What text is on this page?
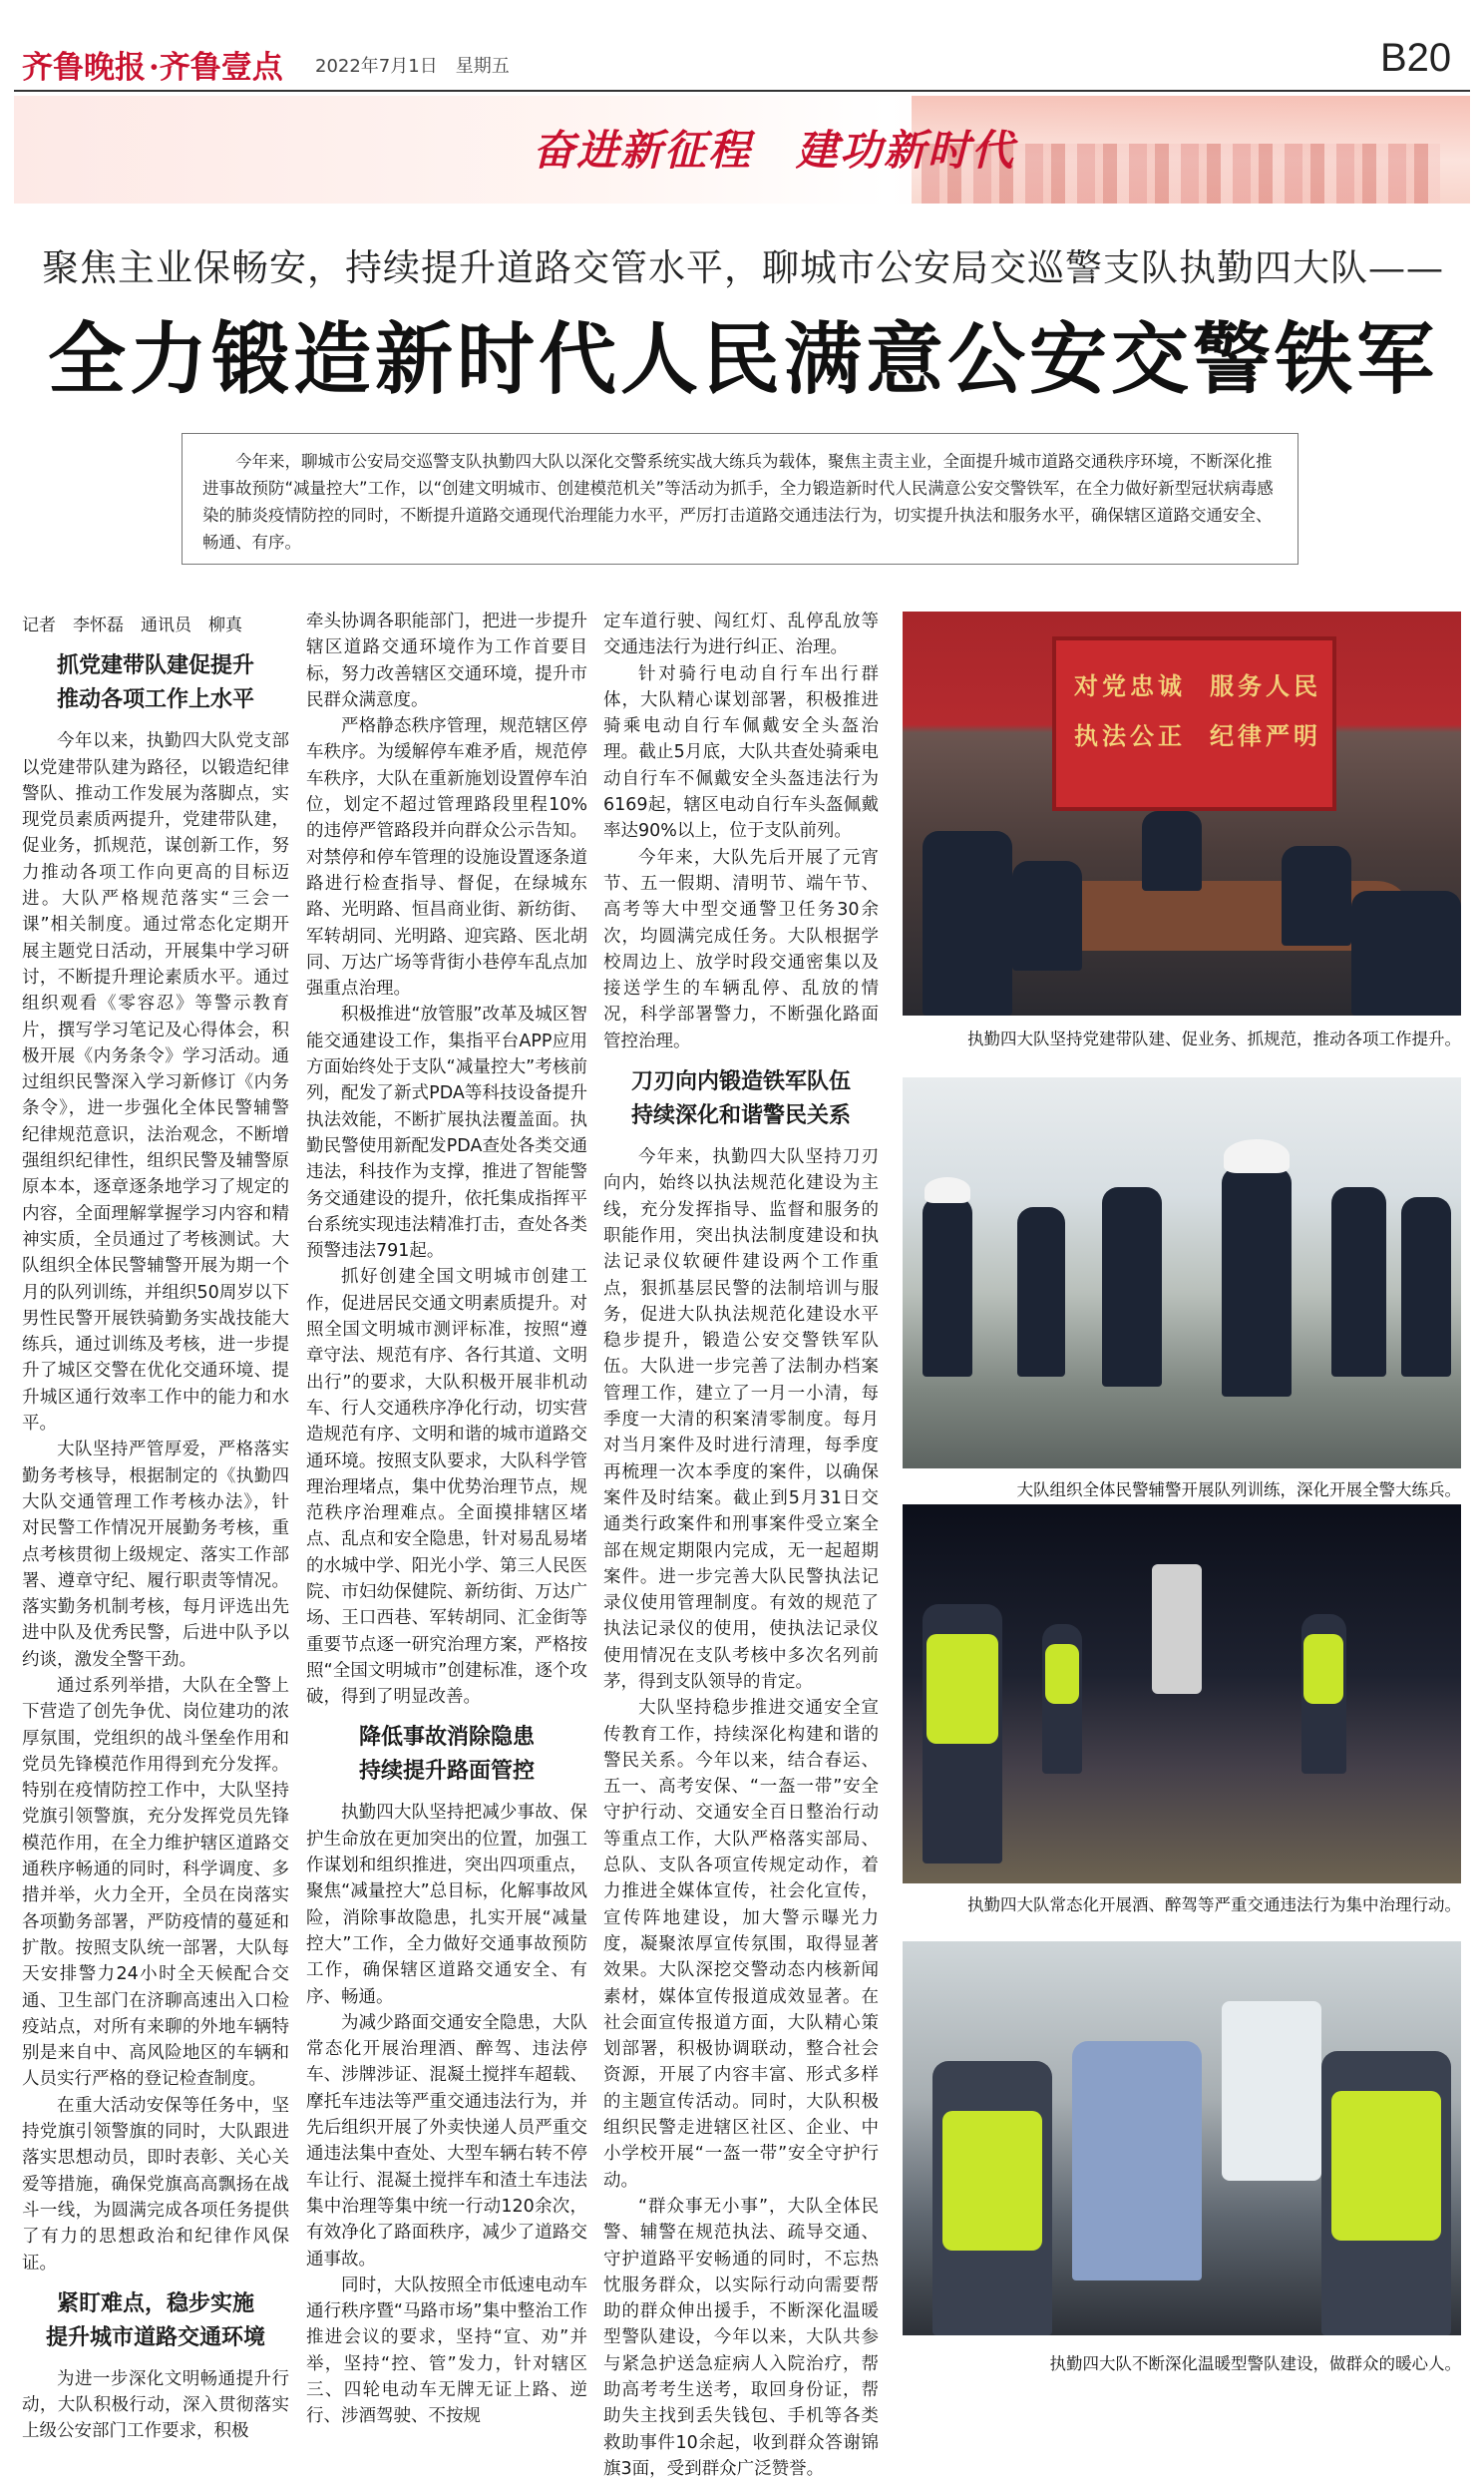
齐鲁晚报 ·齐鲁壹点 2022年7月1日　星期五	B20
奋进新征程　建功新时代
聚焦主业保畅安，持续提升道路交管水平，聊城市公安局交巡警支队执勤四大队——
全力锻造新时代人民满意公安交警铁军
今年来，聊城市公安局交巡警支队执勤四大队以深化交警系统实战大练兵为载体，聚焦主责主业，全面提升城市道路交通秩序环境，不断深化推进事故预防“减量控大”工作，以“创建文明城市、创建模范机关”等活动为抓手，全力锻造新时代人民满意公安交警铁军，在全力做好新型冠状病毒感染的肺炎疫情防控的同时，不断提升道路交通现代治理能力水平，严厉打击道路交通违法行为，切实提升执法和服务水平，确保辖区道路交通安全、畅通、有序。

记者　李怀磊　通讯员　柳真

抓党建带队建促提升
推动各项工作上水平

今年以来，执勤四大队党支部以党建带队建为路径，以锻造纪律警队、推动工作发展为落脚点，实现党员素质两提升，党建带队建，促业务，抓规范，谋创新工作，努力推动各项工作向更高的目标迈进。大队严格规范落实“三会一课”相关制度。通过常态化定期开展主题党日活动，开展集中学习研讨，不断提升理论素质水平。通过组织观看《零容忍》等警示教育片，撰写学习笔记及心得体会，积极开展《内务条令》学习活动。通过组织民警深入学习新修订《内务条令》，进一步强化全体民警辅警纪律规范意识，法治观念，不断增强组织纪律性，组织民警及辅警原原本本，逐章逐条地学习了规定的内容，全面理解掌握学习内容和精神实质，全员通过了考核测试。大队组织全体民警辅警开展为期一个月的队列训练，并组织50周岁以下男性民警开展铁骑勤务实战技能大练兵，通过训练及考核，进一步提升了城区交警在优化交通环境、提升城区通行效率工作中的能力和水平。

大队坚持严管厚爱，严格落实勤务考核导，根据制定的《执勤四大队交通管理工作考核办法》，针对民警工作情况开展勤务考核，重点考核贯彻上级规定、落实工作部署、遵章守纪、履行职责等情况。落实勤务机制考核，每月评选出先进中队及优秀民警，后进中队予以约谈，激发全警干劲。

通过系列举措，大队在全警上下营造了创先争优、岗位建功的浓厚氛围，党组织的战斗堡垒作用和党员先锋模范作用得到充分发挥。特别在疫情防控工作中，大队坚持党旗引领警旗，充分发挥党员先锋模范作用，在全力维护辖区道路交通秩序畅通的同时，科学调度、多措并举，火力全开，全员在岗落实各项勤务部署，严防疫情的蔓延和扩散。按照支队统一部署，大队每天安排警力24小时全天候配合交通、卫生部门在济聊高速出入口检疫站点，对所有来聊的外地车辆特别是来自中、高风险地区的车辆和人员实行严格的登记检查制度。

在重大活动安保等任务中，坚持党旗引领警旗的同时，大队跟进落实思想动员，即时表彰、关心关爱等措施，确保党旗高高飘扬在战斗一线，为圆满完成各项任务提供了有力的思想政治和纪律作风保证。

紧盯难点，稳步实施
提升城市道路交通环境

为进一步深化文明畅通提升行动，大队积极行动，深入贯彻落实上级公安部门工作要求，积极

牵头协调各职能部门，把进一步提升辖区道路交通环境作为工作首要目标，努力改善辖区交通环境，提升市民群众满意度。

严格静态秩序管理，规范辖区停车秩序。为缓解停车难矛盾，规范停车秩序，大队在重新施划设置停车泊位，划定不超过管理路段里程10%的违停严管路段并向群众公示告知。对禁停和停车管理的设施设置逐条道路进行检查指导、督促，在绿城东路、光明路、恒昌商业街、新纺街、军转胡同、光明路、迎宾路、医北胡同、万达广场等背街小巷停车乱点加强重点治理。

积极推进“放管服”改革及城区智能交通建设工作，集指平台APP应用方面始终处于支队“减量控大”考核前列，配发了新式PDA等科技设备提升执法效能，不断扩展执法覆盖面。执勤民警使用新配发PDA查处各类交通违法，科技作为支撑，推进了智能警务交通建设的提升，依托集成指挥平台系统实现违法精准打击，查处各类预警违法791起。

抓好创建全国文明城市创建工作，促进居民交通文明素质提升。对照全国文明城市测评标准，按照“遵章守法、规范有序、各行其道、文明出行”的要求，大队积极开展非机动车、行人交通秩序净化行动，切实营造规范有序、文明和谐的城市道路交通环境。按照支队要求，大队科学管理治理堵点，集中优势治理节点，规范秩序治理难点。全面摸排辖区堵点、乱点和安全隐患，针对易乱易堵的水城中学、阳光小学、第三人民医院、市妇幼保健院、新纺街、万达广场、王口西巷、军转胡同、汇金街等重要节点逐一研究治理方案，严格按照“全国文明城市”创建标准，逐个攻破，得到了明显改善。

降低事故消除隐患
持续提升路面管控

执勤四大队坚持把减少事故、保护生命放在更加突出的位置，加强工作谋划和组织推进，突出四项重点，聚焦“减量控大”总目标，化解事故风险，消除事故隐患，扎实开展“减量控大”工作，全力做好交通事故预防工作，确保辖区道路交通安全、有序、畅通。

为减少路面交通安全隐患，大队常态化开展治理酒、醉驾、违法停车、涉牌涉证、混凝土搅拌车超载、摩托车违法等严重交通违法行为，并先后组织开展了外卖快递人员严重交通违法集中查处、大型车辆右转不停车让行、混凝土搅拌车和渣土车违法集中治理等集中统一行动120余次，有效净化了路面秩序，减少了道路交通事故。

同时，大队按照全市低速电动车通行秩序暨“马路市场”集中整治工作推进会议的要求，坚持“宣、劝”并举，坚持“控、管”发力，针对辖区三、四轮电动车无牌无证上路、逆行、涉酒驾驶、不按规

定车道行驶、闯红灯、乱停乱放等交通违法行为进行纠正、治理。

针对骑行电动自行车出行群体，大队精心谋划部署，积极推进骑乘电动自行车佩戴安全头盔治理。截止5月底，大队共查处骑乘电动自行车不佩戴安全头盔违法行为6169起，辖区电动自行车头盔佩戴率达90%以上，位于支队前列。

今年来，大队先后开展了元宵节、五一假期、清明节、端午节、高考等大中型交通警卫任务30余次，均圆满完成任务。大队根据学校周边上、放学时段交通密集以及接送学生的车辆乱停、乱放的情况，科学部署警力，不断强化路面管控治理。

刀刃向内锻造铁军队伍
持续深化和谐警民关系

今年来，执勤四大队坚持刀刃向内，始终以执法规范化建设为主线，充分发挥指导、监督和服务的职能作用，突出执法制度建设和执法记录仪软硬件建设两个工作重点，狠抓基层民警的法制培训与服务，促进大队执法规范化建设水平稳步提升，锻造公安交警铁军队伍。大队进一步完善了法制办档案管理工作，建立了一月一小清，每季度一大清的积案清零制度。每月对当月案件及时进行清理，每季度再梳理一次本季度的案件，以确保案件及时结案。截止到5月31日交通类行政案件和刑事案件受立案全部在规定期限内完成，无一起超期案件。进一步完善大队民警执法记录仪使用管理制度。有效的规范了执法记录仪的使用，使执法记录仪使用情况在支队考核中多次名列前茅，得到支队领导的肯定。

大队坚持稳步推进交通安全宣传教育工作，持续深化构建和谐的警民关系。今年以来，结合春运、五一、高考安保、“一盔一带”安全守护行动、交通安全百日整治行动等重点工作，大队严格落实部局、总队、支队各项宣传规定动作，着力推进全媒体宣传，社会化宣传，宣传阵地建设，加大警示曝光力度，凝聚浓厚宣传氛围，取得显著效果。大队深挖交警动态内核新闻素材，媒体宣传报道成效显著。在社会面宣传报道方面，大队精心策划部署，积极协调联动，整合社会资源，开展了内容丰富、形式多样的主题宣传活动。同时，大队积极组织民警走进辖区社区、企业、中小学校开展“一盔一带”安全守护行动。

“群众事无小事”，大队全体民警、辅警在规范执法、疏导交通、守护道路平安畅通的同时，不忘热忱服务群众，以实际行动向需要帮助的群众伸出援手，不断深化温暖型警队建设，今年以来，大队共参与紧急护送急症病人入院治疗，帮助高考考生送考，取回身份证，帮助失主找到丢失钱包、手机等各类救助事件10余起，收到群众答谢锦旗3面，受到群众广泛赞誉。

对党忠诚 服务人民
执法公正 纪律严明
执勤四大队坚持党建带队建、促业务、抓规范，推动各项工作提升。
大队组织全体民警辅警开展队列训练，深化开展全警大练兵。
执勤四大队常态化开展酒、醉驾等严重交通违法行为集中治理行动。
执勤四大队不断深化温暖型警队建设，做群众的暖心人。
